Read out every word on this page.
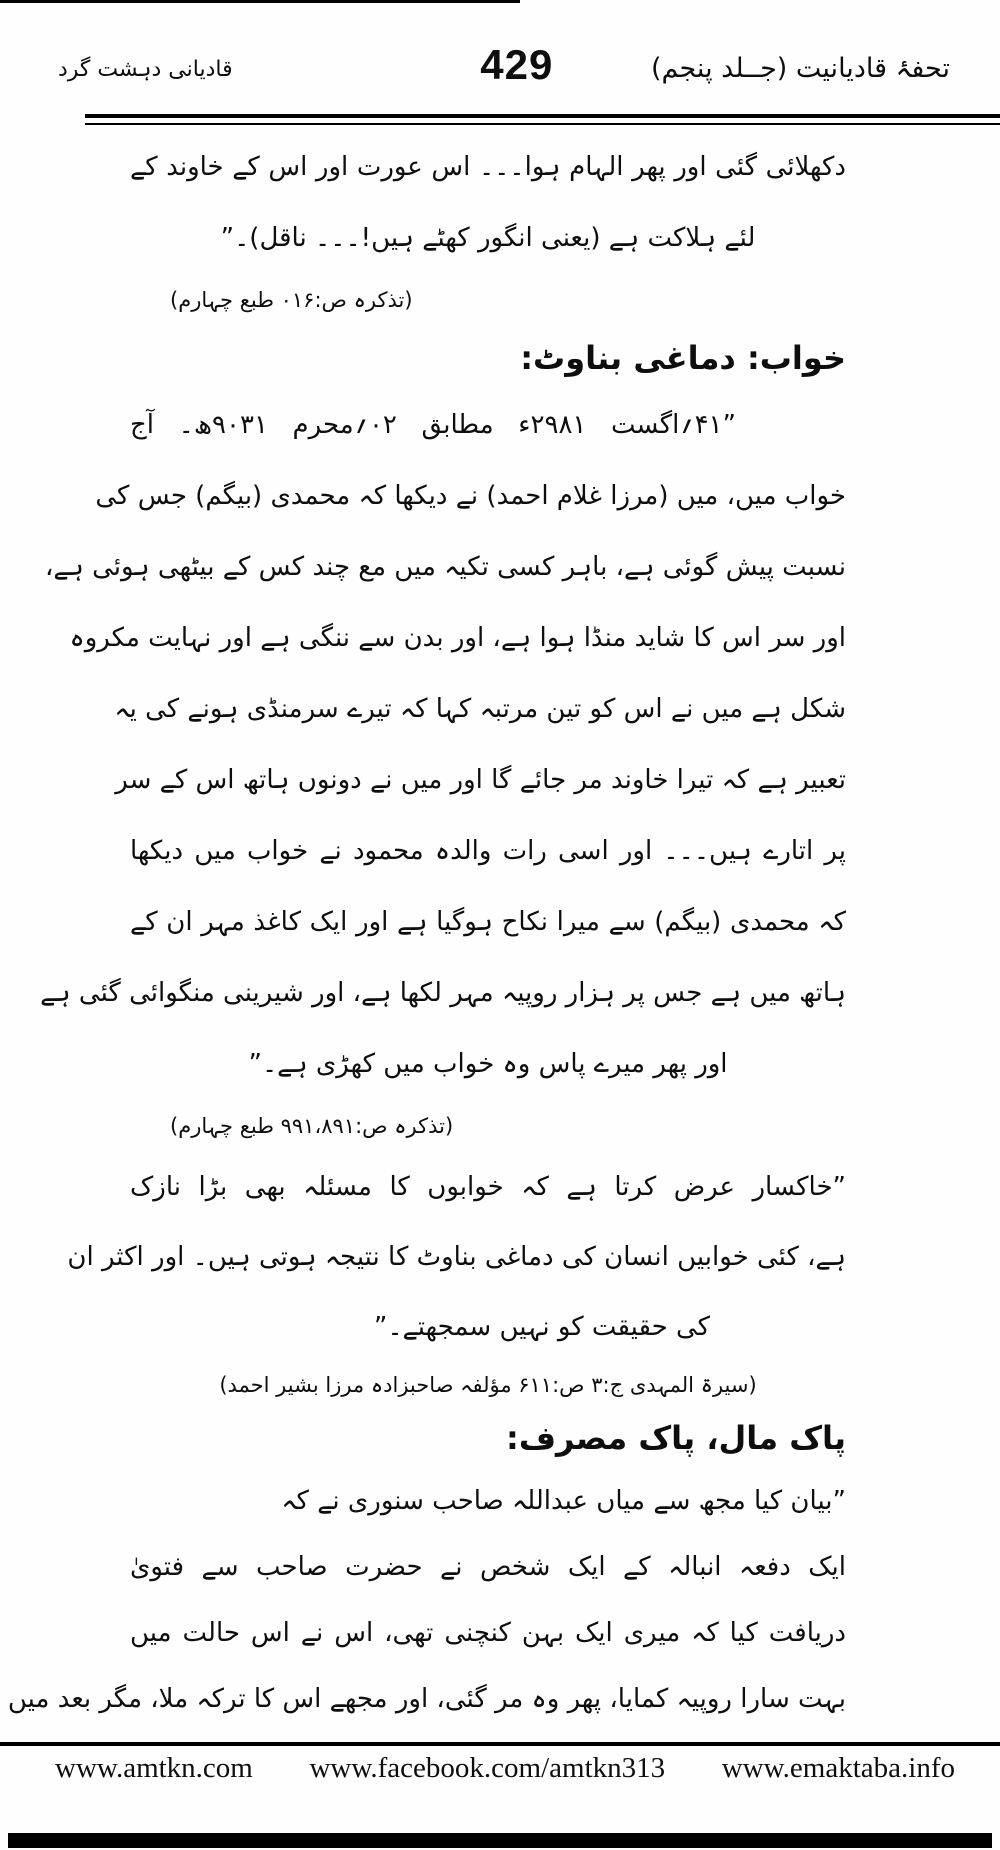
قادیانی دہشت گرد	429	تحفۂ قادیانیت (جــلد پنجم)
دکھلائی گئی اور پھر الہام ہوا۔۔۔ اس عورت اور اس کے خاوند کے
لئے ہلاکت ہے (یعنی انگور کھٹے ہیں!۔۔۔ ناقل)۔”
(تذکرہ ص:۰۱۶ طبع چہارم)
خواب: دماغی بناوٹ:
”۴۱؍اگست ۲۹۸۱ء مطابق ۰۲؍محرم ۹۰۳۱ھ۔ آج
خواب میں، میں (مرزا غلام احمد) نے دیکھا کہ محمدی (بیگم) جس کی
نسبت پیش گوئی ہے، باہر کسی تکیہ میں مع چند کس کے بیٹھی ہوئی ہے،
اور سر اس کا شاید منڈا ہوا ہے، اور بدن سے ننگی ہے اور نہایت مکروہ
شکل ہے میں نے اس کو تین مرتبہ کہا کہ تیرے سرمنڈی ہونے کی یہ
تعبیر ہے کہ تیرا خاوند مر جائے گا اور میں نے دونوں ہاتھ اس کے سر
پر اتارے ہیں۔۔۔ اور اسی رات والدہ محمود نے خواب میں دیکھا
کہ محمدی (بیگم) سے میرا نکاح ہوگیا ہے اور ایک کاغذ مہر ان کے
ہاتھ میں ہے جس پر ہزار روپیہ مہر لکھا ہے، اور شیرینی منگوائی گئی ہے
اور پھر میرے پاس وہ خواب میں کھڑی ہے۔”
(تذکرہ ص:۹۹۱،۸۹۱ طبع چہارم)
”خاکسار عرض کرتا ہے کہ خوابوں کا مسئلہ بھی بڑا نازک
ہے، کئی خوابیں انسان کی دماغی بناوٹ کا نتیجہ ہوتی ہیں۔ اور اکثر ان
کی حقیقت کو نہیں سمجھتے۔”
(سیرۃ المہدی ج:۳ ص:۶۱۱ مؤلفہ صاحبزادہ مرزا بشیر احمد)
پاک مال، پاک مصرف:
”بیان کیا مجھ سے میاں عبداللہ صاحب سنوری نے کہ
ایک دفعہ انبالہ کے ایک شخص نے حضرت صاحب سے فتویٰ
دریافت کیا کہ میری ایک بہن کنچنی تھی، اس نے اس حالت میں
بہت سارا روپیہ کمایا، پھر وہ مر گئی، اور مجھے اس کا ترکہ ملا، مگر بعد میں
www.amtkn.com www.facebook.com/amtkn313 www.emaktaba.info
